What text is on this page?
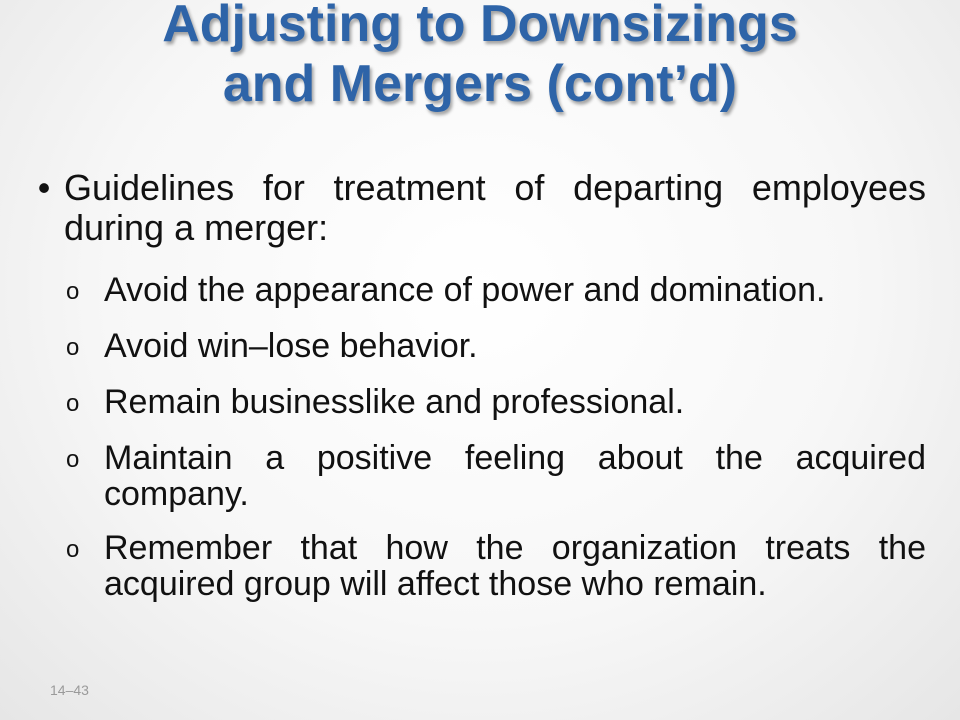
Adjusting to Downsizings
and Mergers (cont’d)
• Guidelines for treatment of departing employees during a merger:
o Avoid the appearance of power and domination.
o Avoid win–lose behavior.
o Remain businesslike and professional.
o Maintain a positive feeling about the acquired company.
o Remember that how the organization treats the acquired group will affect those who remain.
14–43
